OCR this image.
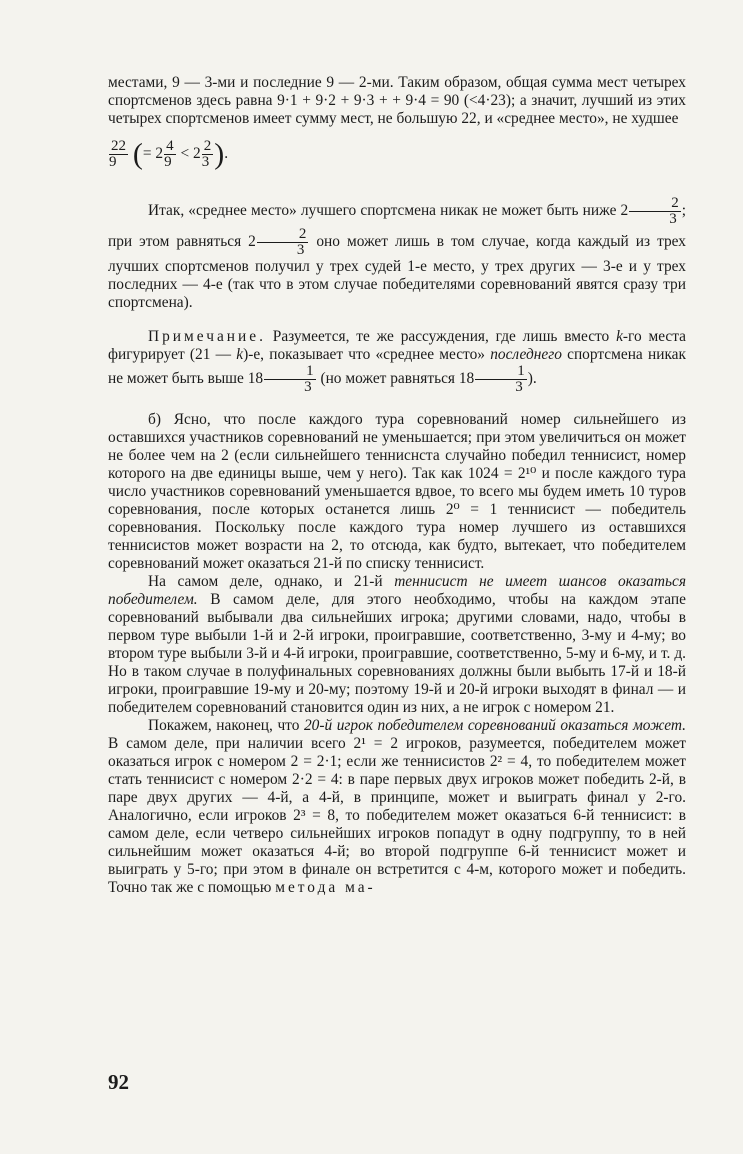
местами, 9 — 3-ми и последние 9 — 2-ми. Таким образом, общая сумма мест четырех спортсменов здесь равна 9·1 + 9·2 + 9·3 + + 9·4 = 90 (<4·23); а значит, лучший из этих четырех спортсменов имеет сумму мест, не большую 22, и «среднее место», не худшее

$\frac{22}{9}$ (= $2 \frac{4}{9} < 2 \frac{2}{3}$ ).

Итак, «среднее место» лучшего спортсмена никак не может быть ниже $2 \frac{2}{3}$ ; при этом равняться $2 \frac{2}{3}$ оно может лишь в том случае, когда каждый из трех лучших спортсменов получил у трех судей 1-е место, у трех других — 3-е и у трех последних — 4-е (так что в этом случае победителями соревнований явятся сразу три спортсмена).

Примечание. Разумеется, те же рассуждения, где лишь вместо k-го места фигурирует (21 — k)-е, показывает что «среднее место» последнего спортсмена никак не может быть выше $18 \frac{1}{3} (но$ может равняться $18 \frac{1}{3}$ ).

б) Ясно, что после каждого тура соревнований номер сильнейшего из оставшихся участников соревнований не уменьшается; при этом увеличиться он может не более чем на 2 (если сильнейшего тенниснста случайно победил теннисист, номер которого на две единицы выше, чем у него). Так как 1024 = 2¹⁰ и после каждого тура число участников соревнований уменьшается вдвое, то всего мы будем иметь 10 туров соревнования, после которых останется лишь 2⁰ = 1 теннисист — победитель соревнования. Поскольку после каждого тура номер лучшего из оставшихся теннисистов может возрасти на 2, то отсюда, как будто, вытекает, что победителем соревнований может оказаться 21-й по списку теннисист.

На самом деле, однако, и 21-й теннисист не имеет шансов оказаться победителем. В самом деле, для этого необходимо, чтобы на каждом этапе соревнований выбывали два сильнейших игрока; другими словами, надо, чтобы в первом туре выбыли 1-й и 2-й игроки, проигравшие, соответственно, 3-му и 4-му; во втором туре выбыли 3-й и 4-й игроки, проигравшие, соответственно, 5-му и 6-му, и т. д. Но в таком случае в полуфинальных соревнованиях должны были выбыть 17-й и 18-й игроки, проигравшие 19-му и 20-му; поэтому 19-й и 20-й игроки выходят в финал — и победителем соревнований становится один из них, а не игрок с номером 21.

Покажем, наконец, что 20-й игрок победителем соревнований оказаться может. В самом деле, при наличии всего 2¹ = 2 игроков, разумеется, победителем может оказаться игрок с номером 2 = 2·1; если же теннисистов 2² = 4, то победителем может стать теннисист с номером 2·2 = 4: в паре первых двух игроков может победить 2-й, в паре двух других — 4-й, а 4-й, в принципе, может и выиграть финал у 2-го. Аналогично, если игроков 2³ = 8, то победителем может оказаться 6-й теннисист: в самом деле, если четверо сильнейших игроков попадут в одну подгруппу, то в ней сильнейшим может оказаться 4-й; во второй подгруппе 6-й теннисист может и выиграть у 5-го; при этом в финале он встретится с 4-м, которого может и победить. Точно так же с помощью метода ма-

92
